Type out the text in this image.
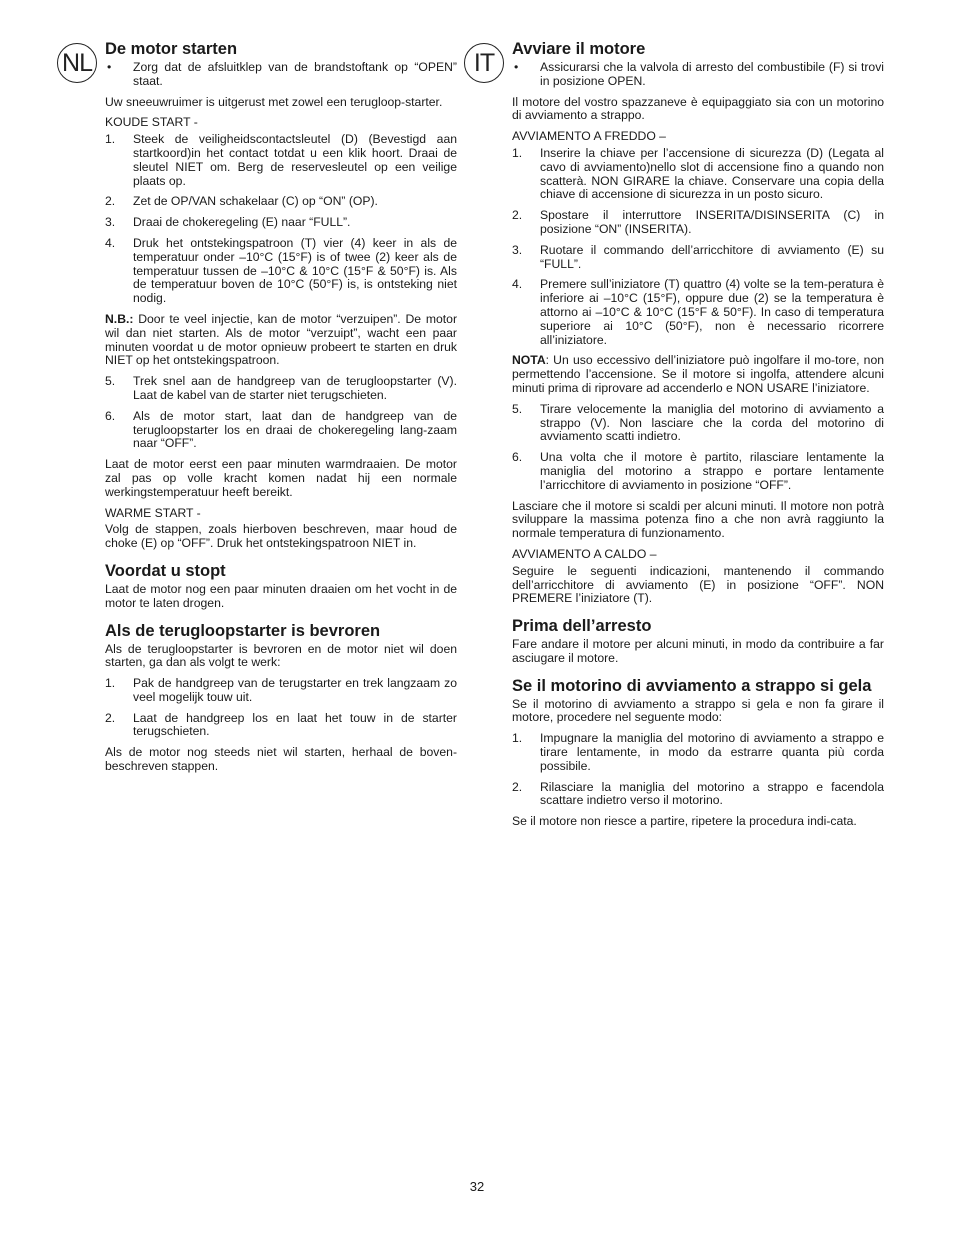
NL	IT
De motor starten
• Zorg dat de afsluitklep van de brandstoftank op “OPEN” staat.

Uw sneeuwruimer is uitgerust met zowel een terugloop-starter.

KOUDE START -

1. Steek de veiligheidscontactsleutel (D) (Bevestigd aan startkoord)in het contact totdat u een klik hoort. Draai de sleutel NIET om. Berg de reservesleutel op een veilige plaats op.
2. Zet de OP/VAN schakelaar (C) op “ON” (OP).
3. Draai de chokeregeling (E) naar “FULL”.
4. Druk het ontstekingspatroon (T) vier (4) keer in als de temperatuur onder –10°C (15°F) is of twee (2) keer als de temperatuur tussen de –10°C & 10°C (15°F & 50°F) is. Als de temperatuur boven de 10°C (50°F) is, is ontsteking niet nodig.

N.B.: Door te veel injectie, kan de motor “verzuipen”. De motor wil dan niet starten. Als de motor “verzuipt”, wacht een paar minuten voordat u de motor opnieuw probeert te starten en druk NIET op het ontstekingspatroon.

5. Trek snel aan de handgreep van de terugloopstarter (V). Laat de kabel van de starter niet terugschieten.
6. Als de motor start, laat dan de handgreep van de terugloopstarter los en draai de chokeregeling lang-zaam naar “OFF”.

Laat de motor eerst een paar minuten warmdraaien. De motor zal pas op volle kracht komen nadat hij een normale werkingstemperatuur heeft bereikt.

WARME START -

Volg de stappen, zoals hierboven beschreven, maar houd de choke (E) op “OFF”. Druk het ontstekingspatroon NIET in.

Voordat u stopt

Laat de motor nog een paar minuten draaien om het vocht in de motor te laten drogen.

Als de terugloopstarter is bevroren

Als de terugloopstarter is bevroren en de motor niet wil doen starten, ga dan als volgt te werk:

1. Pak de handgreep van de terugstarter en trek langzaam zo veel mogelijk touw uit.
2. Laat de handgreep los en laat het touw in de starter terugschieten.

Als de motor nog steeds niet wil starten, herhaal de boven-beschreven stappen.

Avviare il motore
• Assicurarsi che la valvola di arresto del combustibile (F) si trovi in posizione OPEN.

Il motore del vostro spazzaneve è equipaggiato sia con un motorino di avviamento a strappo.

AVVIAMENTO A FREDDO –

1. Inserire la chiave per l’accensione di sicurezza (D) (Legata al cavo di avviamento)nello slot di accensione fino a quando non scatterà. NON GIRARE la chiave. Conservare una copia della chiave di accensione di sicurezza in un posto sicuro.
2. Spostare il interruttore INSERITA/DISINSERITA (C) in posizione “ON” (INSERITA).
3. Ruotare il commando dell’arricchitore di avviamento (E) su “FULL”.
4. Premere sull’iniziatore (T) quattro (4) volte se la tem-peratura è inferiore ai –10°C (15°F), oppure due (2) se la temperatura è attorno ai –10°C & 10°C (15°F & 50°F). In caso di temperatura superiore ai 10°C (50°F), non è necessario ricorrere all’iniziatore.

NOTA: Un uso eccessivo dell’iniziatore può ingolfare il mo-tore, non permettendo l’accensione. Se il motore si ingolfa, attendere alcuni minuti prima di riprovare ad accenderlo e NON USARE l’iniziatore.

5. Tirare velocemente la maniglia del motorino di avviamento a strappo (V). Non lasciare che la corda del motorino di avviamento scatti indietro.
6. Una volta che il motore è partito, rilasciare lentamente la maniglia del motorino a strappo e portare lentamente l’arricchitore di avviamento in posizione “OFF”.

Lasciare che il motore si scaldi per alcuni minuti. Il motore non potrà sviluppare la massima potenza fino a che non avrà raggiunto la normale temperatura di funzionamento.

AVVIAMENTO A CALDO –

Seguire le seguenti indicazioni, mantenendo il commando dell’arricchitore di avviamento (E) in posizione “OFF”. NON PREMERE l’iniziatore (T).

Prima dell’arresto

Fare andare il motore per alcuni minuti, in modo da contribuire a far asciugare il motore.

Se il motorino di avviamento a strappo si gela

Se il motorino di avviamento a strappo si gela e non fa girare il motore, procedere nel seguente modo:

1. Impugnare la maniglia del motorino di avviamento a strappo e tirare lentamente, in modo da estrarre quanta più corda possibile.
2. Rilasciare la maniglia del motorino a strappo e facendola scattare indietro verso il motorino.

Se il motore non riesce a partire, ripetere la procedura indi-cata.

32
